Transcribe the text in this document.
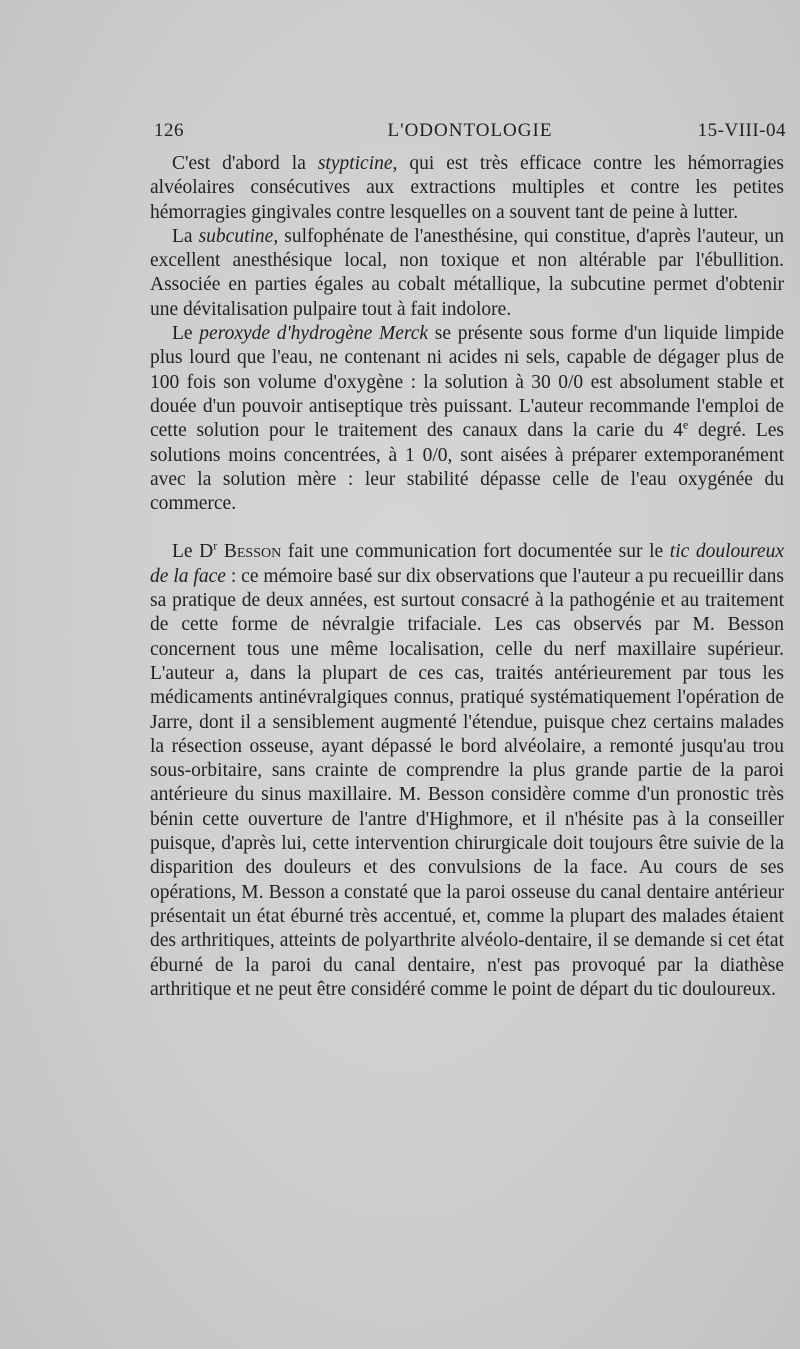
126	L'ODONTOLOGIE	15-VIII-04

C'est d'abord la stypticine, qui est très efficace contre les hémorragies alvéolaires consécutives aux extractions multiples et contre les petites hémorragies gingivales contre lesquelles on a souvent tant de peine à lutter.

La subcutine, sulfophénate de l'anesthésine, qui constitue, d'après l'auteur, un excellent anesthésique local, non toxique et non altérable par l'ébullition. Associée en parties égales au cobalt métallique, la subcutine permet d'obtenir une dévitalisation pulpaire tout à fait indolore.

Le peroxyde d'hydrogène Merck se présente sous forme d'un liquide limpide plus lourd que l'eau, ne contenant ni acides ni sels, capable de dégager plus de 100 fois son volume d'oxygène : la solution à 30 0/0 est absolument stable et douée d'un pouvoir antiseptique très puissant. L'auteur recommande l'emploi de cette solution pour le traitement des canaux dans la carie du 4e degré. Les solutions moins concentrées, à 1 0/0, sont aisées à préparer extemporanément avec la solution mère : leur stabilité dépasse celle de l'eau oxygénée du commerce.

Le $D^r$ Besson fait une communication fort documentée sur le tic douloureux de la face : ce mémoire basé sur dix observations que l'auteur a pu recueillir dans sa pratique de deux années, est surtout consacré à la pathogénie et au traitement de cette forme de névralgie trifaciale. Les cas observés par M. Besson concernent tous une même localisation, celle du nerf maxillaire supérieur. L'auteur a, dans la plupart de ces cas, traités antérieurement par tous les médicaments antinévralgiques connus, pratiqué systématiquement l'opération de Jarre, dont il a sensiblement augmenté l'étendue, puisque chez certains malades la résection osseuse, ayant dépassé le bord alvéolaire, a remonté jusqu'au trou sous-orbitaire, sans crainte de comprendre la plus grande partie de la paroi antérieure du sinus maxillaire. M. Besson considère comme d'un pronostic très bénin cette ouverture de l'antre d'Highmore, et il n'hésite pas à la conseiller puisque, d'après lui, cette intervention chirurgicale doit toujours être suivie de la disparition des douleurs et des convulsions de la face. Au cours de ses opérations, M. Besson a constaté que la paroi osseuse du canal dentaire antérieur présentait un état éburné très accentué, et, comme la plupart des malades étaient des arthritiques, atteints de polyarthrite alvéolo-dentaire, il se demande si cet état éburné de la paroi du canal dentaire, n'est pas provoqué par la diathèse arthritique et ne peut être considéré comme le point de départ du tic douloureux.
